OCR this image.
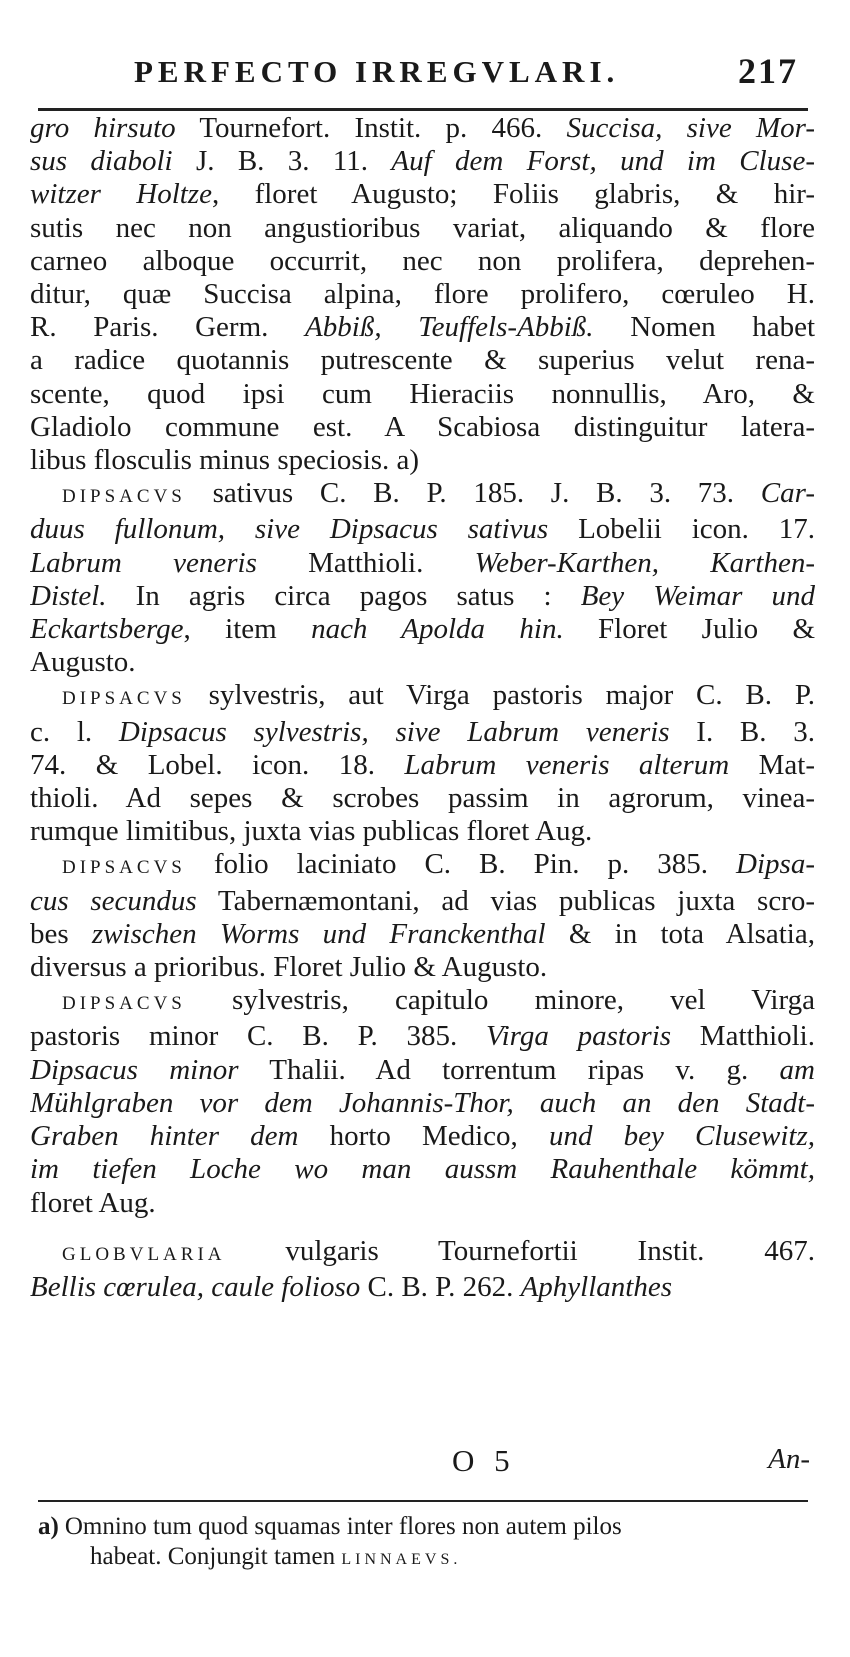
PERFECTO IRREGVLARI.	217
gro hirsuto Tournefort. Instit. p. 466. Succisa, sive Mor-
sus diaboli J. B. 3. 11. Auf dem Forst, und im Cluse-
witzer Holtze, floret Augusto; Foliis glabris, & hir-
sutis nec non angustioribus variat, aliquando & flore
carneo alboque occurrit, nec non prolifera, deprehen-
ditur, quæ Succisa alpina, flore prolifero, cœruleo H.
R. Paris. Germ. Abbiß, Teuffels-Abbiß. Nomen habet
a radice quotannis putrescente & superius velut rena-
scente, quod ipsi cum Hieraciis nonnullis, Aro, &
Gladiolo commune est. A Scabiosa distinguitur latera-
libus flosculis minus speciosis. a)
DIPSACVS sativus C. B. P. 185. J. B. 3. 73. Car-
duus fullonum, sive Dipsacus sativus Lobelii icon. 17.
Labrum veneris Matthioli. Weber-Karthen, Karthen-
Distel. In agris circa pagos satus : Bey Weimar und
Eckartsberge, item nach Apolda hin. Floret Julio &
Augusto.
DIPSACVS sylvestris, aut Virga pastoris major C. B. P.
c. l. Dipsacus sylvestris, sive Labrum veneris I. B. 3.
74. & Lobel. icon. 18. Labrum veneris alterum Mat-
thioli. Ad sepes & scrobes passim in agrorum, vinea-
rumque limitibus, juxta vias publicas floret Aug.
DIPSACVS folio laciniato C. B. Pin. p. 385. Dipsa-
cus secundus Tabernæmontani, ad vias publicas juxta scro-
bes zwischen Worms und Franckenthal & in tota Alsatia,
diversus a prioribus. Floret Julio & Augusto.
DIPSACVS sylvestris, capitulo minore, vel Virga
pastoris minor C. B. P. 385. Virga pastoris Matthioli.
Dipsacus minor Thalii. Ad torrentum ripas v. g. am
Mühlgraben vor dem Johannis-Thor, auch an den Stadt-
Graben hinter dem horto Medico, und bey Clusewitz,
im tiefen Loche wo man aussm Rauhenthale kömmt,
floret Aug.
GLOBVLARIA vulgaris Tournefortii Instit. 467.
Bellis cœrulea, caule folioso C. B. P. 262. Aphyllanthes
O 5	An-
a) Omnino tum quod squamas inter flores non autem pilos
habeat. Conjungit tamen LINNAEVS.
